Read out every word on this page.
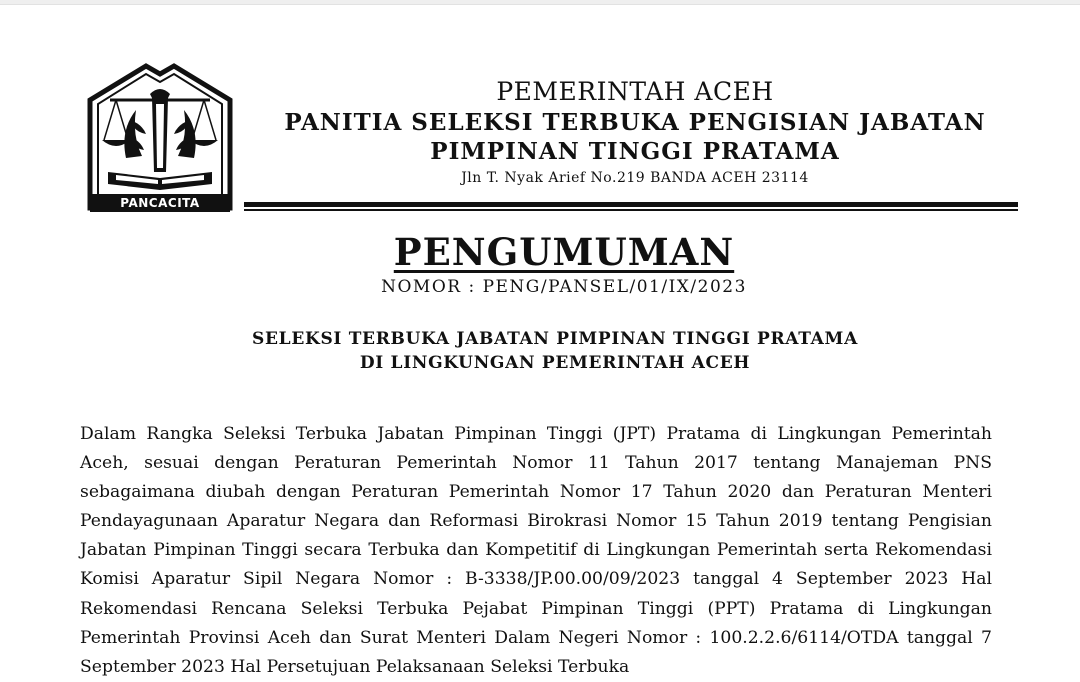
PANCACITA
PEMERINTAH ACEH
PANITIA SELEKSI TERBUKA PENGISIAN JABATAN
PIMPINAN TINGGI PRATAMA
Jln T. Nyak Arief No.219 BANDA ACEH 23114
PENGUMUMAN
NOMOR : PENG/PANSEL/01/IX/2023
SELEKSI TERBUKA JABATAN PIMPINAN TINGGI PRATAMA
DI LINGKUNGAN PEMERINTAH ACEH
Dalam Rangka Seleksi Terbuka Jabatan Pimpinan Tinggi (JPT) Pratama di Lingkungan Pemerintah Aceh, sesuai dengan Peraturan Pemerintah Nomor 11 Tahun 2017 tentang Manajeman PNS sebagaimana diubah dengan Peraturan Pemerintah Nomor 17 Tahun 2020 dan Peraturan Menteri Pendayagunaan Aparatur Negara dan Reformasi Birokrasi Nomor 15 Tahun 2019 tentang Pengisian Jabatan Pimpinan Tinggi secara Terbuka dan Kompetitif di Lingkungan Pemerintah serta Rekomendasi Komisi Aparatur Sipil Negara Nomor : B-3338/JP.00.00/09/2023 tanggal 4 September 2023 Hal Rekomendasi Rencana Seleksi Terbuka Pejabat Pimpinan Tinggi (PPT) Pratama di Lingkungan Pemerintah Provinsi Aceh dan Surat Menteri Dalam Negeri Nomor : 100.2.2.6/6114/OTDA tanggal 7 September 2023 Hal Persetujuan Pelaksanaan Seleksi Terbuka
